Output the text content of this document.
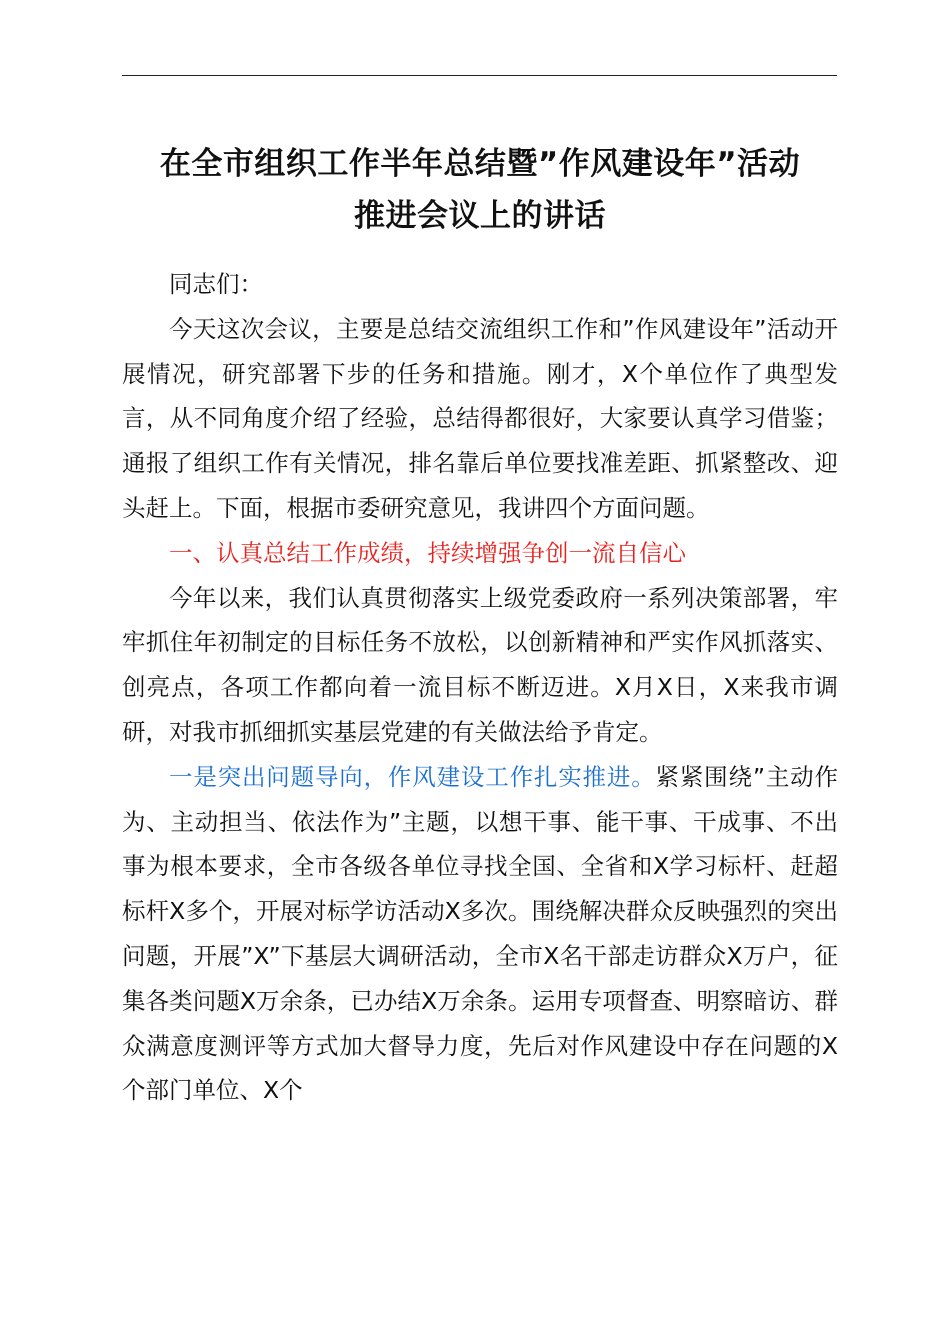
在全市组织工作半年总结暨”作风建设年”活动
推进会议上的讲话

同志们：

今天这次会议，主要是总结交流组织工作和”作风建设年”活动开展情况，研究部署下步的任务和措施。刚才，X个单位作了典型发言，从不同角度介绍了经验，总结得都很好，大家要认真学习借鉴；通报了组织工作有关情况，排名靠后单位要找准差距、抓紧整改、迎头赶上。下面，根据市委研究意见，我讲四个方面问题。

一、认真总结工作成绩，持续增强争创一流自信心

今年以来，我们认真贯彻落实上级党委政府一系列决策部署，牢牢抓住年初制定的目标任务不放松，以创新精神和严实作风抓落实、创亮点，各项工作都向着一流目标不断迈进。X月X日，X来我市调研，对我市抓细抓实基层党建的有关做法给予肯定。

一是突出问题导向，作风建设工作扎实推进。紧紧围绕”主动作为、主动担当、依法作为”主题，以想干事、能干事、干成事、不出事为根本要求，全市各级各单位寻找全国、全省和X学习标杆、赶超标杆X多个，开展对标学访活动X多次。围绕解决群众反映强烈的突出问题，开展”X”下基层大调研活动，全市X名干部走访群众X万户，征集各类问题X万余条，已办结X万余条。运用专项督查、明察暗访、群众满意度测评等方式加大督导力度，先后对作风建设中存在问题的X个部门单位、X个
